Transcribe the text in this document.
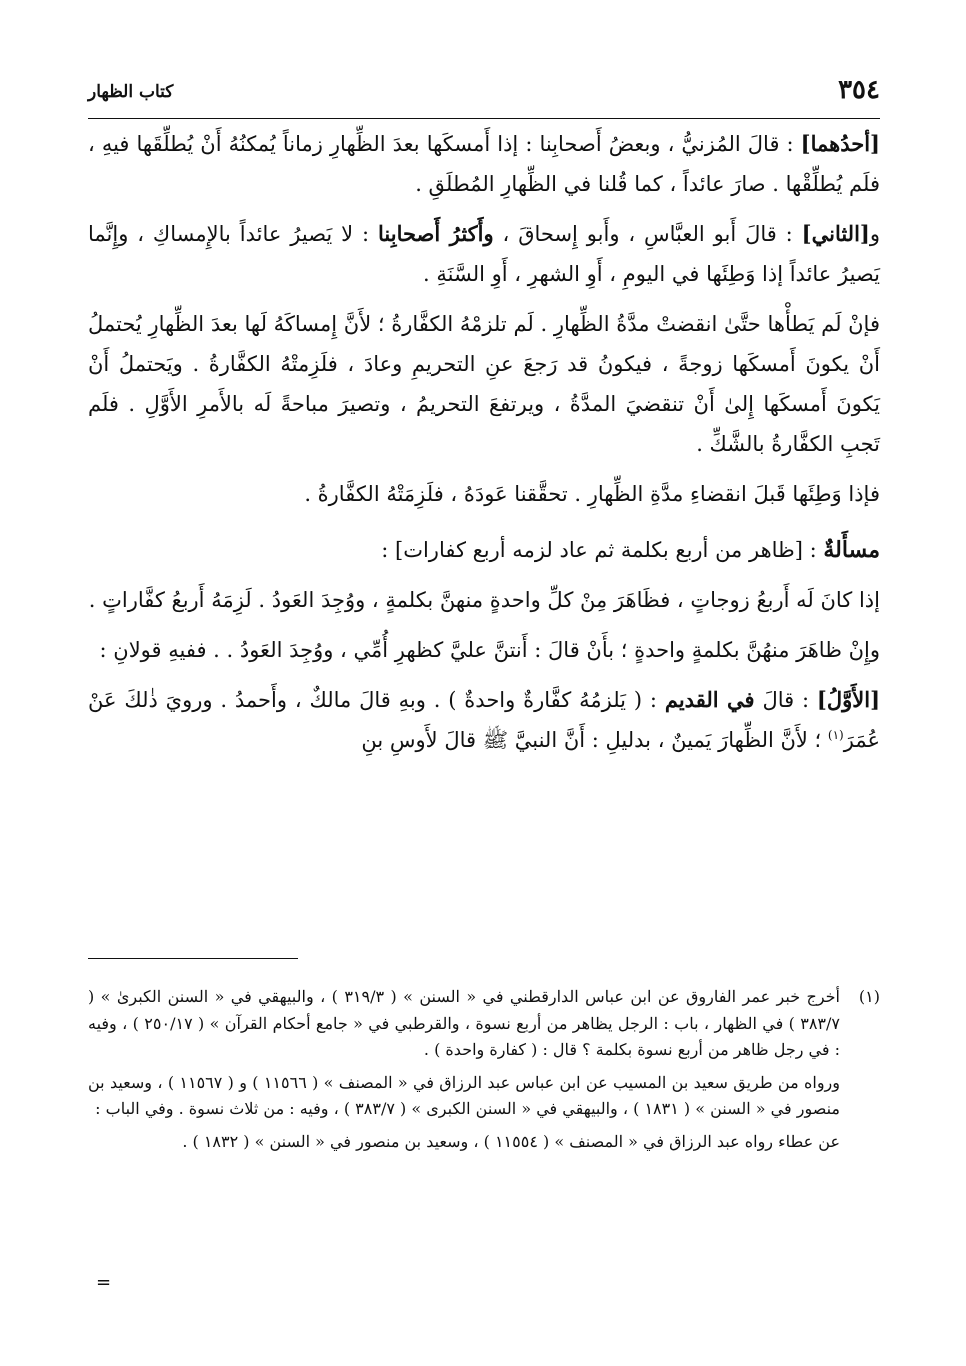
٣٥٤
كتاب الظهار

[أحدُهما] : قالَ المُزنيُّ ، وبعضُ أَصحابِنا : إذا أَمسكَها بعدَ الظِّهارِ زماناً يُمكنُهُ أَنْ يُطلِّقَها فيهِ ، فلَم يُطلِّقْها . صارَ عائداً ، كما قُلنا في الظِّهارِ المُطلَقِ .

و[الثاني] : قالَ أَبو العبَّاسِ ، وأَبو إِسحاقَ ، وأَكثرُ أَصحابِنا : لا يَصيرُ عائداً بالإِمساكِ ، وإِنَّما يَصيرُ عائداً إذا وَطِئَها في اليومِ ، أَوِ الشهرِ ، أَوِ السَّنَةِ .

فإنْ لَم يَطأْها حتَّىٰ انقضتْ مدَّةُ الظِّهارِ . لَم تلزمْهُ الكفَّارةُ ؛ لأَنَّ إِمساكَهُ لَها بعدَ الظِّهارِ يُحتملُ أَنْ يكونَ أَمسكَها زوجةً ، فيكونُ قد رَجعَ عنِ التحريمِ وعادَ ، فلَزِمتْهُ الكفَّارةُ . ويَحتملُ أَنْ يَكونَ أَمسكَها إِلىٰ أَنْ تنقضيَ المدَّةُ ، ويرتفعَ التحريمُ ، وتصيرَ مباحةً لَه بالأَمرِ الأَوَّلِ . فلَم تَجبِ الكفَّارةُ بالشَّكِّ .

فإذا وَطِئَها قَبلَ انقضاءِ مدَّةِ الظِّهارِ . تحقَّقنا عَودَهُ ، فلَزِمَتْهُ الكفَّارةُ .

مسأَلةٌ : [ظاهر من أربع بكلمة ثم عاد لزمه أربع كفارات] :

إذا كانَ لَه أَربعُ زوجاتٍ ، فظَاهَرَ مِنْ كلِّ واحدةٍ منهنَّ بكلمةٍ ، ووُجِدَ العَودُ . لَزِمَهُ أَربعُ كفَّاراتٍ .

وإِنْ ظاهَرَ منهُنَّ بكلمةٍ واحدةٍ ؛ بأَنْ قالَ : أَنتنَّ عليَّ كظهرِ أُمِّي ، ووُجِدَ العَودُ . . ففيهِ قولانِ :

[الأَوَّلُ] : قالَ في القديم : ( يَلزمُهُ كفَّارةٌ واحدةٌ ) . وبهِ قالَ مالكٌ ، وأَحمدُ . ورويَ ذٰلكَ عَنْ عُمَرَ$^{(١)}$ ؛ لأَنَّ الظِّهارَ يَمينٌ ، بدليلِ : أَنَّ النبيَّ ﷺ قالَ لأَوسِ بنِ

(١)

أخرج خبر عمر الفاروق عن ابن عباس الدارقطني في « السنن » ( ٣١٩/٣ ) ، والبيهقي في « السنن الكبرىٰ » ( ٣٨٣/٧ ) في الظهار ، باب : الرجل يظاهر من أربع نسوة ، والقرطبي في « جامع أحكام القرآن » ( ٢٥٠/١٧ ) ، وفيه : في رجل ظاهر من أربع نسوة بكلمة ؟ قال : ( كفارة واحدة ) .

ورواه من طريق سعيد بن المسيب عن ابن عباس عبد الرزاق في « المصنف » ( ١١٥٦٦ ) و ( ١١٥٦٧ ) ، وسعيد بن منصور في « السنن » ( ١٨٣١ ) ، والبيهقي في « السنن الكبرى » ( ٣٨٣/٧ ) ، وفيه : من ثلاث نسوة . وفي الباب :

عن عطاء رواه عبد الرزاق في « المصنف » ( ١١٥٥٤ ) ، وسعيد بن منصور في « السنن » ( ١٨٣٢ ) .

=
